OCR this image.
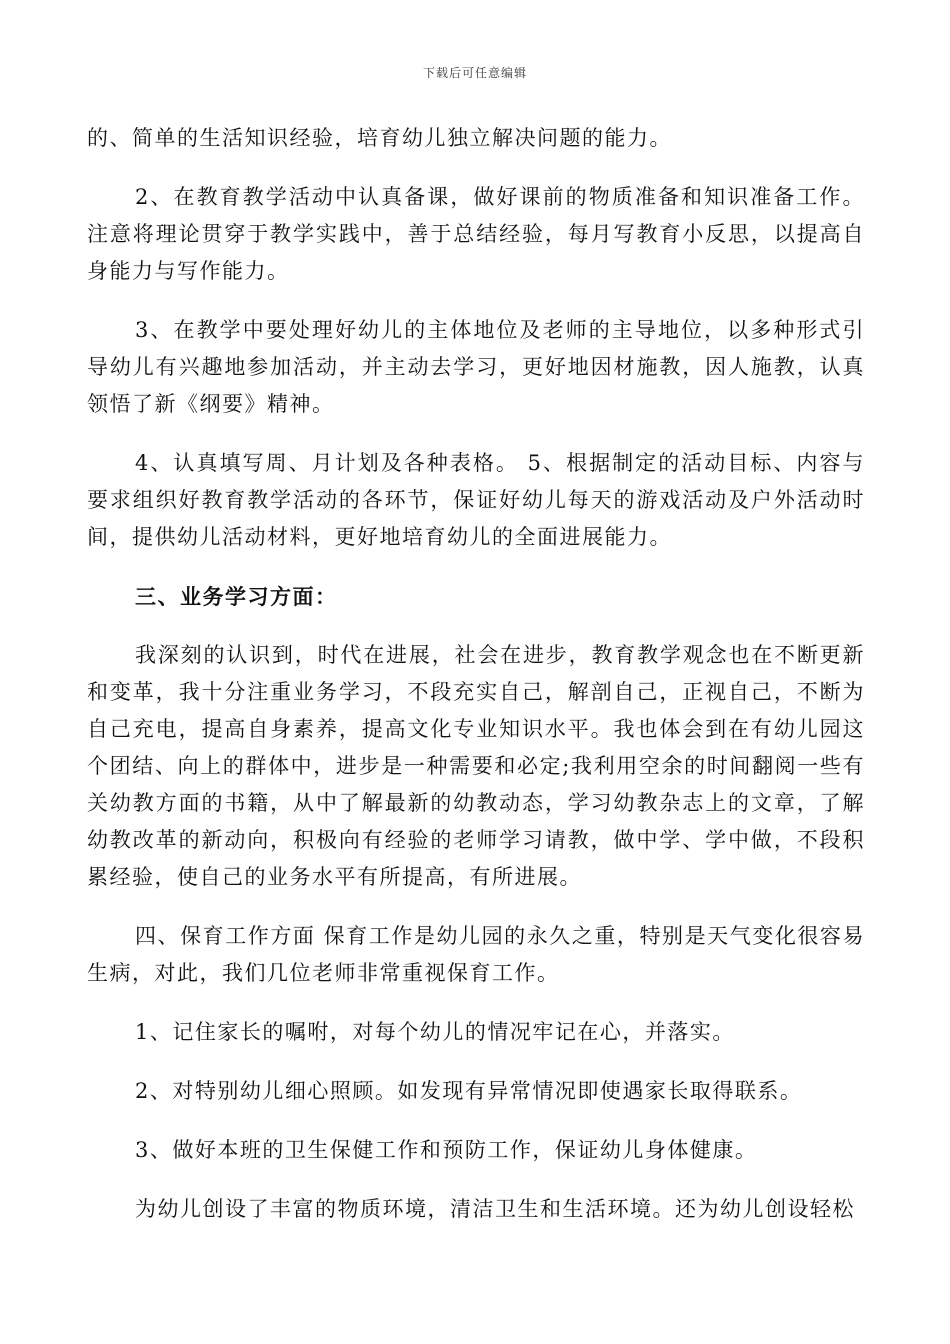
下载后可任意编辑

的、简单的生活知识经验，培育幼儿独立解决问题的能力。

2、在教育教学活动中认真备课，做好课前的物质准备和知识准备工作。注意将理论贯穿于教学实践中，善于总结经验，每月写教育小反思，以提高自身能力与写作能力。

3、在教学中要处理好幼儿的主体地位及老师的主导地位，以多种形式引导幼儿有兴趣地参加活动，并主动去学习，更好地因材施教，因人施教，认真领悟了新《纲要》精神。

4、认真填写周、月计划及各种表格。 5、根据制定的活动目标、内容与要求组织好教育教学活动的各环节，保证好幼儿每天的游戏活动及户外活动时间，提供幼儿活动材料，更好地培育幼儿的全面进展能力。

三、业务学习方面：

我深刻的认识到，时代在进展，社会在进步，教育教学观念也在不断更新和变革，我十分注重业务学习，不段充实自己，解剖自己，正视自己，不断为自己充电，提高自身素养，提高文化专业知识水平。我也体会到在有幼儿园这个团结、向上的群体中，进步是一种需要和必定;我利用空余的时间翻阅一些有关幼教方面的书籍，从中了解最新的幼教动态，学习幼教杂志上的文章，了解幼教改革的新动向，积极向有经验的老师学习请教，做中学、学中做，不段积累经验，使自己的业务水平有所提高，有所进展。

四、保育工作方面 保育工作是幼儿园的永久之重，特别是天气变化很容易生病，对此，我们几位老师非常重视保育工作。

1、记住家长的嘱咐，对每个幼儿的情况牢记在心，并落实。

2、对特别幼儿细心照顾。如发现有异常情况即使遇家长取得联系。

3、做好本班的卫生保健工作和预防工作，保证幼儿身体健康。

为幼儿创设了丰富的物质环境，清洁卫生和生活环境。还为幼儿创设轻松
